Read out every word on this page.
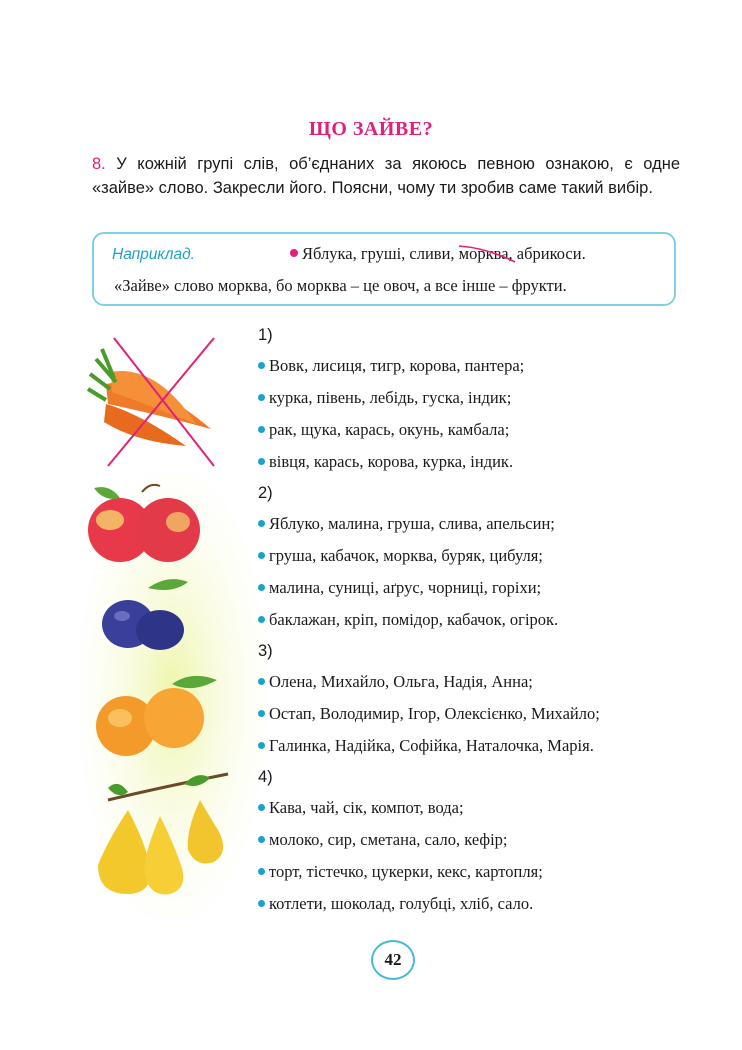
ЩО ЗАЙВЕ?
8. У кожній групі слів, об’єднаних за якоюсь певною ознакою, є одне «зайве» слово. Закресли його. Поясни, чому ти зробив саме такий вибір.
Наприклад.	Яблука, груші, сливи, морква
, абрикоси.
«Зайве» слово морква, бо морква – це овоч, а все інше – фрукти.
1)
Вовк, лисиця, тигр, корова, пантера;
курка, півень, лебідь, гуска, індик;
рак, щука, карась, окунь, камбала;
вівця, карась, корова, курка, індик.
2)
Яблуко, малина, груша, слива, апельсин;
груша, кабачок, морква, буряк, цибуля;
малина, суниці, аґрус, чорниці, горіхи;
баклажан, кріп, помідор, кабачок, огірок.
3)
Олена, Михайло, Ольга, Надія, Анна;
Остап, Володимир, Ігор, Олексієнко, Михайло;
Галинка, Надійка, Софійка, Наталочка, Марія.
4)
Кава, чай, сік, компот, вода;
молоко, сир, сметана, сало, кефір;
торт, тістечко, цукерки, кекс, картопля;
котлети, шоколад, голубці, хліб, сало.
42
